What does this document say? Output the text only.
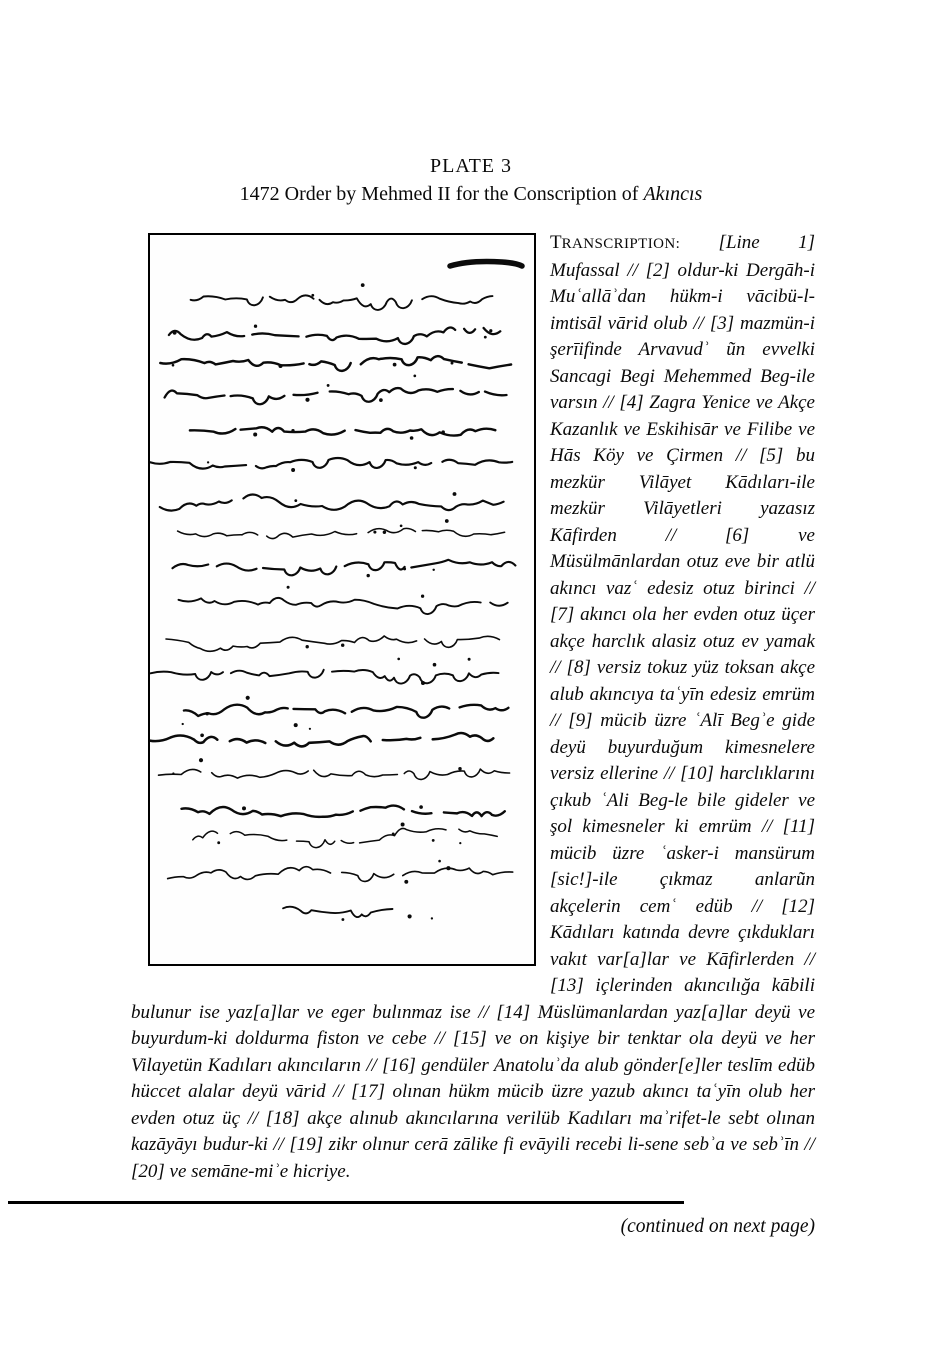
PLATE 3
1472 Order by Mehmed II for the Conscription of Akıncıs

TRANSCRIPTION: [Line 1] Mufassal // [2] oldur-ki Dergāh-i Muʿallāʾdan hükm-i vācibü-l-imtisāl vārid olub // [3] mazmün-i şerīifinde Arvavudʾ ũn evvelki Sancagi Begi Mehemmed Beg-ile varsın // [4] Zagra Yenice ve Akçe Kazanlık ve Eskihisār ve Filibe ve Hās Köy ve Çirmen // [5] bu mezkür Vilāyet Kādıları-ile mezkür Vilāyetleri yazasız Kāfirden // [6] ve Müsülmānlardan otuz eve bir atlü akıncı vazʿ edesiz otuz birinci // [7] akıncı ola her evden otuz üçer akçe harclık alasiz otuz ev yamak // [8] versiz tokuz yüz toksan akçe alub akıncıya taʿyīn edesiz emrüm // [9] mücib üzre ʿAlī Begʾe gide deyü buyurduğum kimesnelere versiz ellerine // [10] harclıklarını çıkub ʿAli Beg-le bile gideler ve şol kimesneler ki emrüm // [11] mücib üzre ʿasker-i mansürum [sic!]-ile çıkmaz anlarũn akçelerin cemʿ edüb // [12] Kādıları katında devre çıkdukları vakıt var[a]lar ve Kāfirlerden // [13] içlerinden akıncılığa kābili bulunur ise yaz[a]lar ve eger bulınmaz ise // [14] Müslümanlardan yaz[a]lar deyü ve buyurdum-ki doldurma fiston ve cebe // [15] ve on kişiye bir tenktar ola deyü ve her Vilayetün Kadıları akıncıların // [16] gendüler Anatoluʾda alub gönder[e]ler teslīm edüb hüccet alalar deyü vārid // [17] olınan hükm mücib üzre yazub akıncı taʿyīn olub her evden otuz üç // [18] akçe alınub akıncılarına verilüb Kadıları maʾrifet-le sebt olınan kazāyāyı budur-ki // [19] zikr olınur cerā zālike fi evāyili recebi li-sene sebʾa ve sebʾīn // [20] ve semāne-miʾe hicriye.

(continued on next page)
